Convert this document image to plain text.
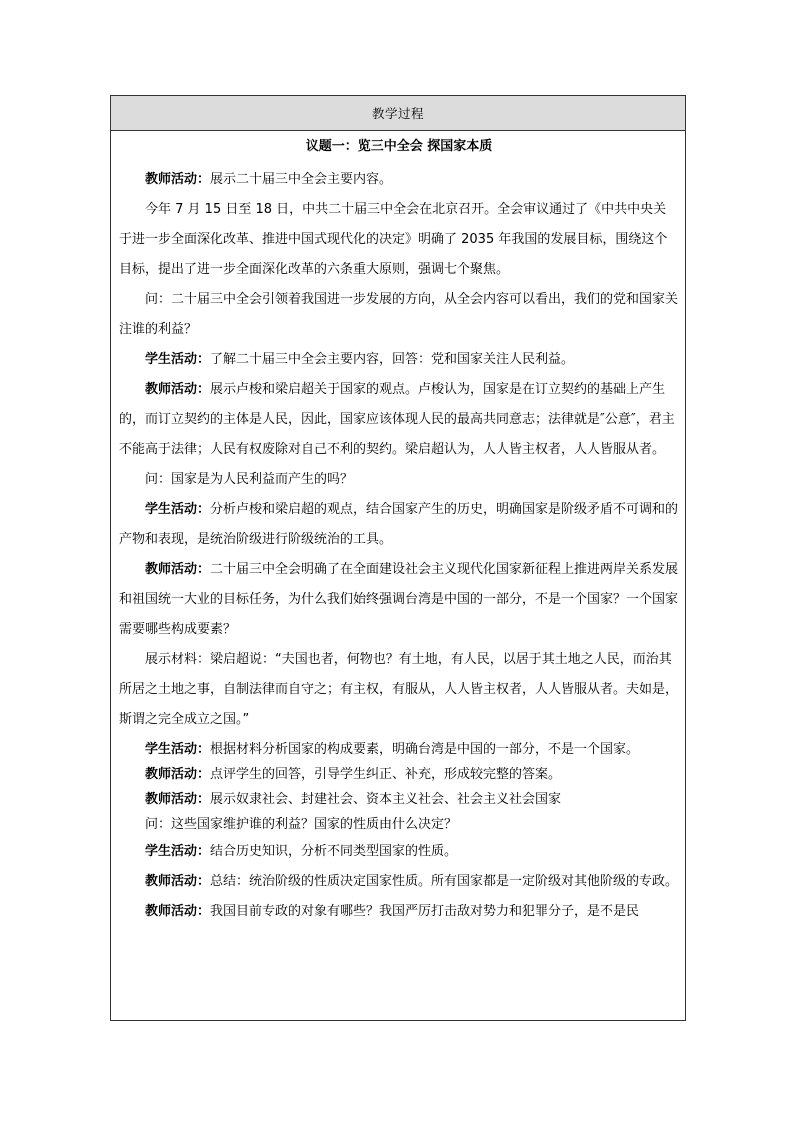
教学过程
议题一：览三中全会 探国家本质

教师活动：展示二十届三中全会主要内容。

今年 7 月 15 日至 18 日，中共二十届三中全会在北京召开。全会审议通过了《中共中央关于进一步全面深化改革、推进中国式现代化的决定》明确了 2035 年我国的发展目标，围绕这个目标，提出了进一步全面深化改革的六条重大原则，强调七个聚焦。

问：二十届三中全会引领着我国进一步发展的方向，从全会内容可以看出，我们的党和国家关注谁的利益？

学生活动：了解二十届三中全会主要内容，回答：党和国家关注人民利益。

教师活动：展示卢梭和梁启超关于国家的观点。卢梭认为，国家是在订立契约的基础上产生的，而订立契约的主体是人民，因此，国家应该体现人民的最高共同意志；法律就是″公意″，君主不能高于法律；人民有权废除对自己不利的契约。梁启超认为，人人皆主权者，人人皆服从者。

问：国家是为人民利益而产生的吗？

学生活动：分析卢梭和梁启超的观点，结合国家产生的历史，明确国家是阶级矛盾不可调和的产物和表现，是统治阶级进行阶级统治的工具。

教师活动：二十届三中全会明确了在全面建设社会主义现代化国家新征程上推进两岸关系发展和祖国统一大业的目标任务，为什么我们始终强调台湾是中国的一部分，不是一个国家？一个国家需要哪些构成要素？

展示材料：梁启超说：“夫国也者，何物也？有土地，有人民，以居于其土地之人民，而治其所居之土地之事，自制法律而自守之；有主权，有服从，人人皆主权者，人人皆服从者。夫如是，斯谓之完全成立之国。”

学生活动：根据材料分析国家的构成要素，明确台湾是中国的一部分，不是一个国家。

教师活动：点评学生的回答，引导学生纠正、补充，形成较完整的答案。

教师活动：展示奴隶社会、封建社会、资本主义社会、社会主义社会国家

问：这些国家维护谁的利益？国家的性质由什么决定？

学生活动：结合历史知识，分析不同类型国家的性质。

教师活动：总结：统治阶级的性质决定国家性质。所有国家都是一定阶级对其他阶级的专政。

教师活动：我国目前专政的对象有哪些？我国严厉打击敌对势力和犯罪分子，是不是民
